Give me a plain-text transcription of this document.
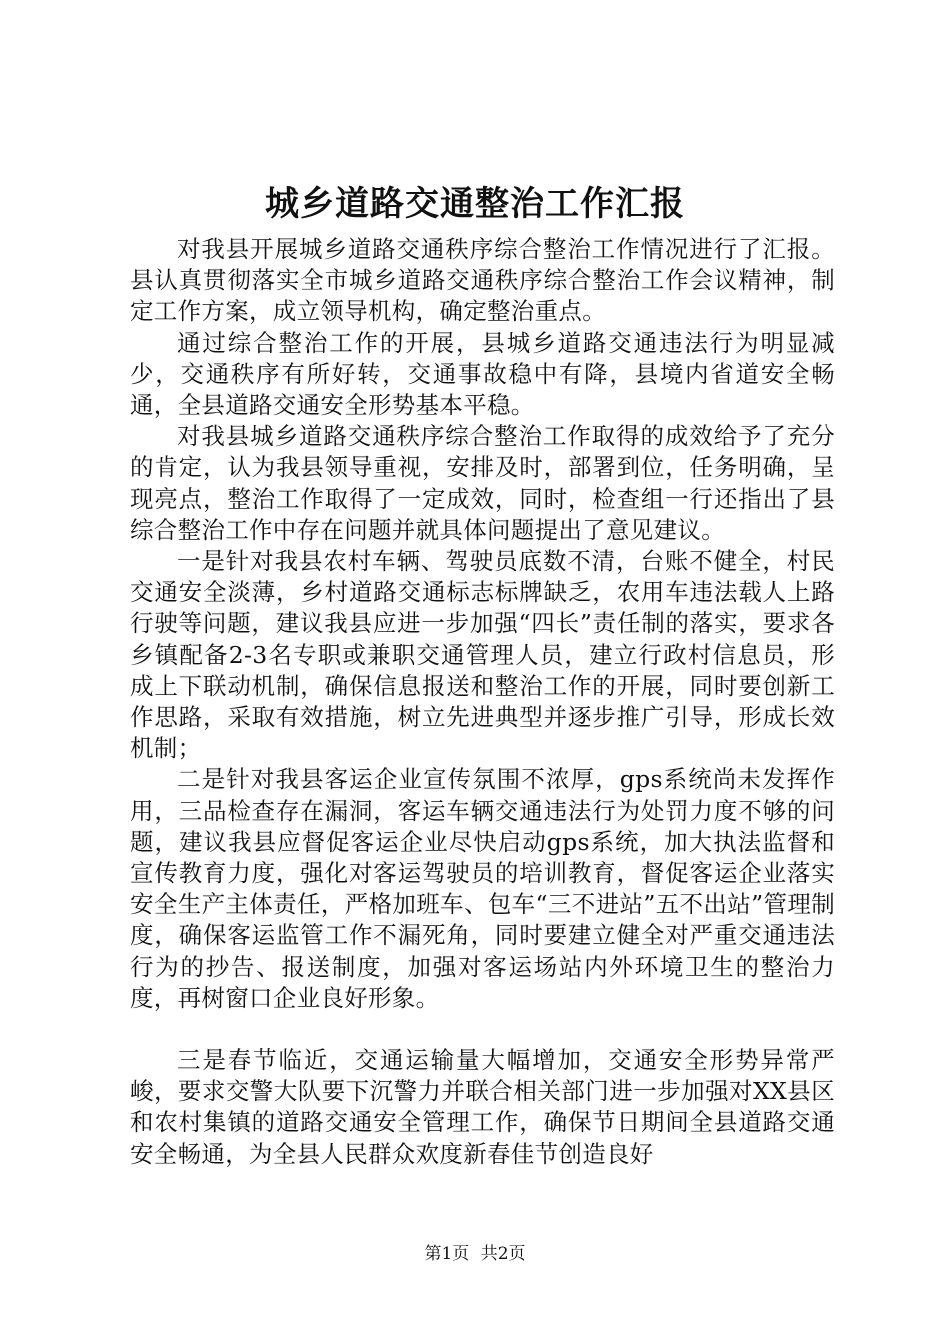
城乡道路交通整治工作汇报

对我县开展城乡道路交通秩序综合整治工作情况进行了汇报。县认真贯彻落实全市城乡道路交通秩序综合整治工作会议精神，制定工作方案，成立领导机构，确定整治重点。

通过综合整治工作的开展，县城乡道路交通违法行为明显减少，交通秩序有所好转，交通事故稳中有降，县境内省道安全畅通，全县道路交通安全形势基本平稳。

对我县城乡道路交通秩序综合整治工作取得的成效给予了充分的肯定，认为我县领导重视，安排及时，部署到位，任务明确，呈现亮点，整治工作取得了一定成效，同时，检查组一行还指出了县综合整治工作中存在问题并就具体问题提出了意见建议。

一是针对我县农村车辆、驾驶员底数不清，台账不健全，村民交通安全淡薄，乡村道路交通标志标牌缺乏，农用车违法载人上路行驶等问题，建议我县应进一步加强“四长”责任制的落实，要求各乡镇配备2-3名专职或兼职交通管理人员，建立行政村信息员，形成上下联动机制，确保信息报送和整治工作的开展，同时要创新工作思路，采取有效措施，树立先进典型并逐步推广引导，形成长效机制；

二是针对我县客运企业宣传氛围不浓厚，gps系统尚未发挥作用，三品检查存在漏洞，客运车辆交通违法行为处罚力度不够的问题，建议我县应督促客运企业尽快启动gps系统，加大执法监督和宣传教育力度，强化对客运驾驶员的培训教育，督促客运企业落实安全生产主体责任，严格加班车、包车“三不进站”五不出站”管理制度，确保客运监管工作不漏死角，同时要建立健全对严重交通违法行为的抄告、报送制度，加强对客运场站内外环境卫生的整治力度，再树窗口企业良好形象。

三是春节临近，交通运输量大幅增加，交通安全形势异常严峻，要求交警大队要下沉警力并联合相关部门进一步加强对XX县区和农村集镇的道路交通安全管理工作，确保节日期间全县道路交通安全畅通，为全县人民群众欢度新春佳节创造良好

第1页 共2页
